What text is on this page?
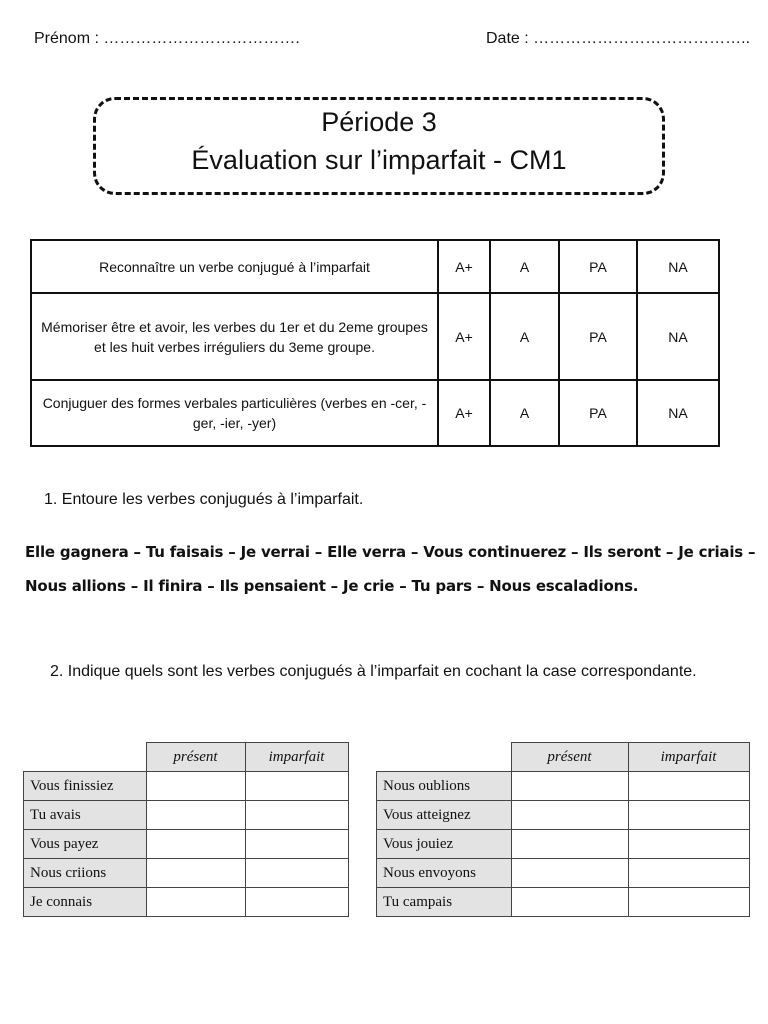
Prénom : ……………………………….	Date : …………………………………..
Période 3
Évaluation sur l’imparfait - CM1
Reconnaître un verbe conjugué à l’imparfait	A+	A	PA	NA
Mémoriser être et avoir, les verbes du 1er et du 2eme groupes et les huit verbes irréguliers du 3eme groupe.	A+	A	PA	NA
Conjuguer des formes verbales particulières (verbes en -cer, -ger, -ier, -yer)	A+	A	PA	NA
1. Entoure les verbes conjugués à l’imparfait.
Elle gagnera – Tu faisais – Je verrai – Elle verra – Vous continuerez – Ils seront – Je criais –
Nous allions – Il finira – Ils pensaient – Je crie – Tu pars – Nous escaladions.
2. Indique quels sont les verbes conjugués à l’imparfait en cochant la case correspondante.
	présent	imparfait
Vous finissiez		
Tu avais		
Vous payez		
Nous criions		
Je connais		
	présent	imparfait
Nous oublions		
Vous atteignez		
Vous jouiez		
Nous envoyons		
Tu campais		
